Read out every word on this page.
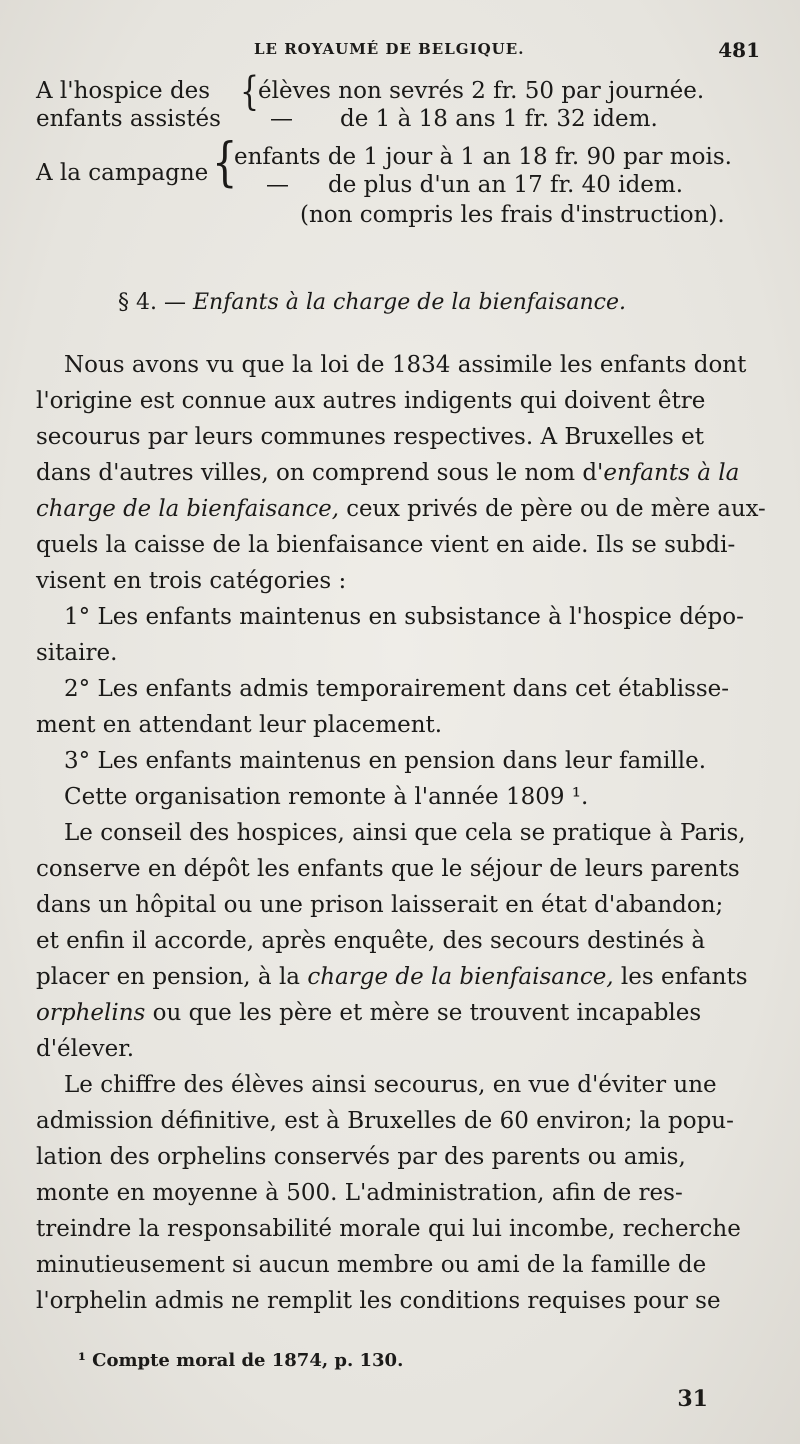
LE ROYAUMÉ DE BELGIQUE.	481
A l'hospice des
enfants assistés
{
élèves non sevrés 2 fr. 50 par journée.
— de 1 à 18 ans 1 fr. 32 idem.
A la campagne {
enfants de 1 jour à 1 an 18 fr. 90 par mois.
— de plus d'un an 17 fr. 40 idem.
(non compris les frais d'instruction).
§ 4. — Enfants à la charge de la bienfaisance.
Nous avons vu que la loi de 1834 assimile les enfants dont
l'origine est connue aux autres indigents qui doivent être
secourus par leurs communes respectives. A Bruxelles et
dans d'autres villes, on comprend sous le nom d'enfants à la
charge de la bienfaisance, ceux privés de père ou de mère aux-
quels la caisse de la bienfaisance vient en aide. Ils se subdi-
visent en trois catégories :
1° Les enfants maintenus en subsistance à l'hospice dépo-
sitaire.
2° Les enfants admis temporairement dans cet établisse-
ment en attendant leur placement.
3° Les enfants maintenus en pension dans leur famille.
Cette organisation remonte à l'année 1809 ¹.
Le conseil des hospices, ainsi que cela se pratique à Paris,
conserve en dépôt les enfants que le séjour de leurs parents
dans un hôpital ou une prison laisserait en état d'abandon;
et enfin il accorde, après enquête, des secours destinés à
placer en pension, à la charge de la bienfaisance, les enfants
orphelins ou que les père et mère se trouvent incapables
d'élever.
Le chiffre des élèves ainsi secourus, en vue d'éviter une
admission définitive, est à Bruxelles de 60 environ; la popu-
lation des orphelins conservés par des parents ou amis,
monte en moyenne à 500. L'administration, afin de res-
treindre la responsabilité morale qui lui incombe, recherche
minutieusement si aucun membre ou ami de la famille de
l'orphelin admis ne remplit les conditions requises pour se
¹ Compte moral de 1874, p. 130.
31
